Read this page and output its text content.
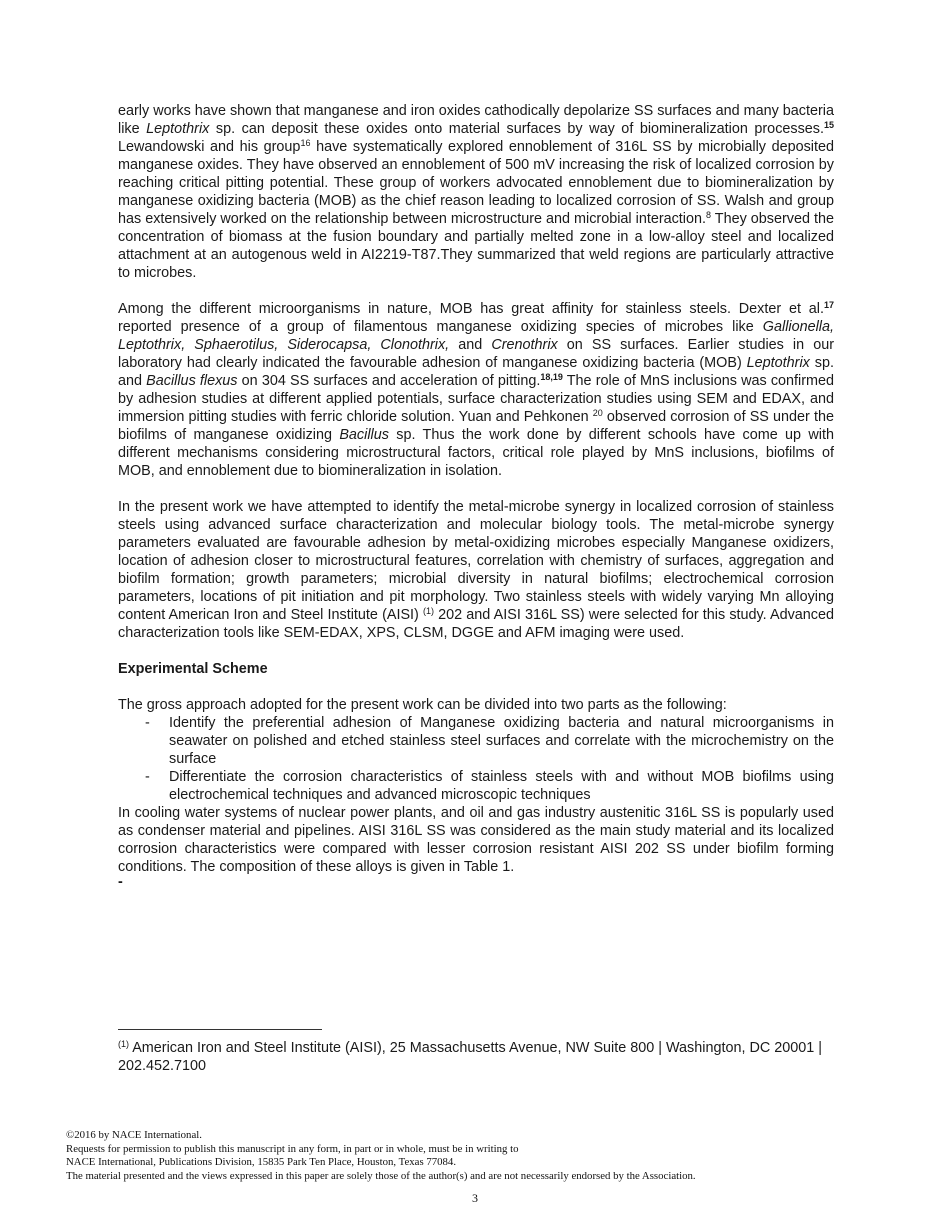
early works have shown that manganese and iron oxides cathodically depolarize SS surfaces and many bacteria like Leptothrix sp. can deposit these oxides onto material surfaces by way of biomineralization processes.$^{15}$ Lewandowski and his group$^{16}$ have systematically explored ennoblement of 316L SS by microbially deposited manganese oxides. They have observed an ennoblement of 500 mV increasing the risk of localized corrosion by reaching critical pitting potential. These group of workers advocated ennoblement due to biomineralization by manganese oxidizing bacteria (MOB) as the chief reason leading to localized corrosion of SS. Walsh and group has extensively worked on the relationship between microstructure and microbial interaction.$^8$ They observed the concentration of biomass at the fusion boundary and partially melted zone in a low-alloy steel and localized attachment at an autogenous weld in AI2219-T87.They summarized that weld regions are particularly attractive to microbes.

Among the different microorganisms in nature, MOB has great affinity for stainless steels. Dexter et al.$^{17}$ reported presence of a group of filamentous manganese oxidizing species of microbes like Gallionella, Leptothrix, Sphaerotilus, Siderocapsa, Clonothrix, and Crenothrix on SS surfaces. Earlier studies in our laboratory had clearly indicated the favourable adhesion of manganese oxidizing bacteria (MOB) Leptothrix sp. and Bacillus flexus on 304 SS surfaces and acceleration of pitting.$^{18,19}$ The role of MnS inclusions was confirmed by adhesion studies at different applied potentials, surface characterization studies using SEM and EDAX, and immersion pitting studies with ferric chloride solution. Yuan and Pehkonen $^{20}$ observed corrosion of SS under the biofilms of manganese oxidizing Bacillus sp. Thus the work done by different schools have come up with different mechanisms considering microstructural factors, critical role played by MnS inclusions, biofilms of MOB, and ennoblement due to biomineralization in isolation.

In the present work we have attempted to identify the metal-microbe synergy in localized corrosion of stainless steels using advanced surface characterization and molecular biology tools. The metal-microbe synergy parameters evaluated are favourable adhesion by metal-oxidizing microbes especially Manganese oxidizers, location of adhesion closer to microstructural features, correlation with chemistry of surfaces, aggregation and biofilm formation; growth parameters; microbial diversity in natural biofilms; electrochemical corrosion parameters, locations of pit initiation and pit morphology. Two stainless steels with widely varying Mn alloying content American Iron and Steel Institute (AISI) $^{(1)}$ 202 and AISI 316L SS) were selected for this study. Advanced characterization tools like SEM-EDAX, XPS, CLSM, DGGE and AFM imaging were used.

Experimental Scheme

The gross approach adopted for the present work can be divided into two parts as the following:

- Identify the preferential adhesion of Manganese oxidizing bacteria and natural microorganisms in seawater on polished and etched stainless steel surfaces and correlate with the microchemistry on the surface
- Differentiate the corrosion characteristics of stainless steels with and without MOB biofilms using electrochemical techniques and advanced microscopic techniques

In cooling water systems of nuclear power plants, and oil and gas industry austenitic 316L SS is popularly used as condenser material and pipelines. AISI 316L SS was considered as the main study material and its localized corrosion characteristics were compared with lesser corrosion resistant AISI 202 SS under biofilm forming conditions. The composition of these alloys is given in Table 1.

-
$^{(1)}$ American Iron and Steel Institute (AISI), 25 Massachusetts Avenue, NW Suite 800 | Washington, DC 20001 | 202.452.7100
©2016 by NACE International.
Requests for permission to publish this manuscript in any form, in part or in whole, must be in writing to
NACE International, Publications Division, 15835 Park Ten Place, Houston, Texas 77084.
The material presented and the views expressed in this paper are solely those of the author(s) and are not necessarily endorsed by the Association.
3
